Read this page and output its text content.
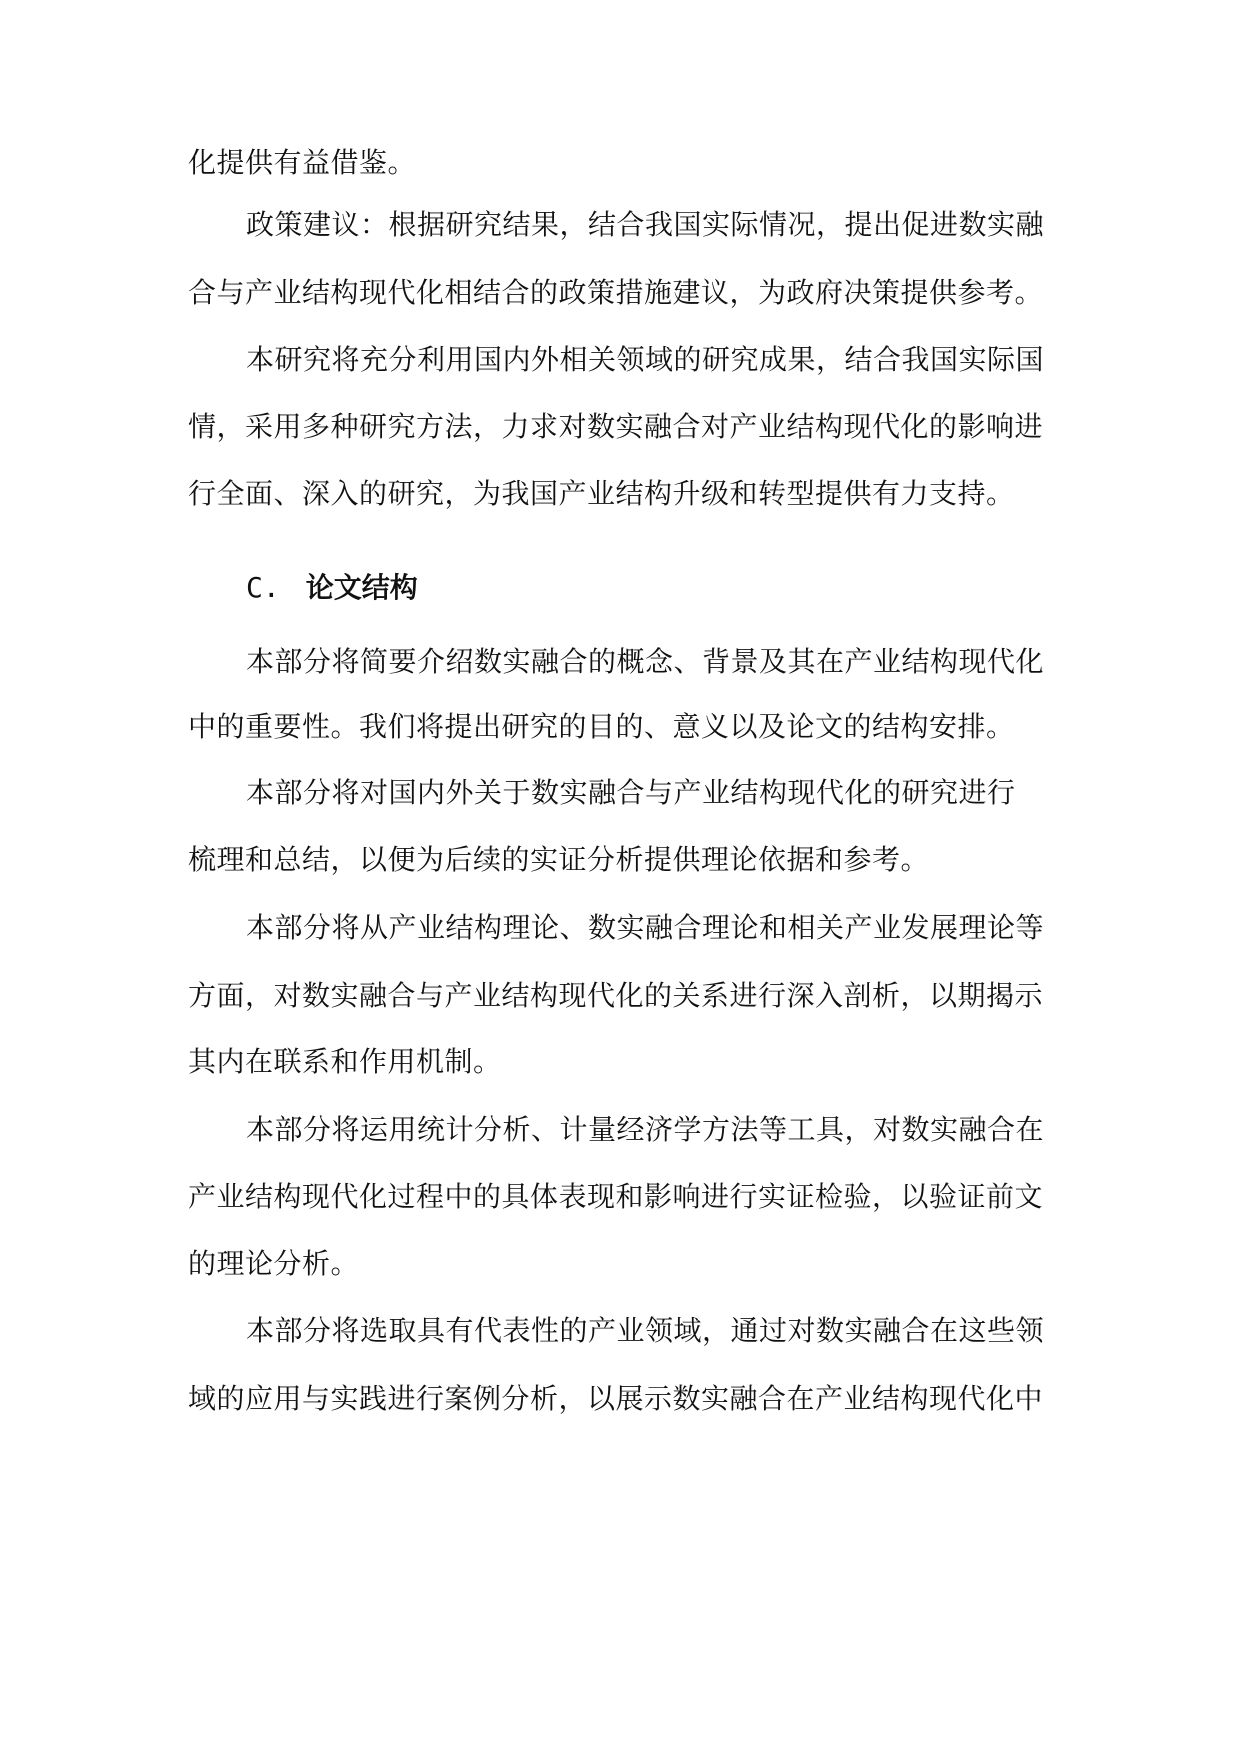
化提供有益借鉴。
政策建议：根据研究结果，结合我国实际情况，提出促进数实融
合与产业结构现代化相结合的政策措施建议，为政府决策提供参考。
本研究将充分利用国内外相关领域的研究成果，结合我国实际国
情，采用多种研究方法，力求对数实融合对产业结构现代化的影响进
行全面、深入的研究，为我国产业结构升级和转型提供有力支持。
C. 论文结构
本部分将简要介绍数实融合的概念、背景及其在产业结构现代化
中的重要性。我们将提出研究的目的、意义以及论文的结构安排。
本部分将对国内外关于数实融合与产业结构现代化的研究进行
梳理和总结，以便为后续的实证分析提供理论依据和参考。
本部分将从产业结构理论、数实融合理论和相关产业发展理论等
方面，对数实融合与产业结构现代化的关系进行深入剖析，以期揭示
其内在联系和作用机制。
本部分将运用统计分析、计量经济学方法等工具，对数实融合在
产业结构现代化过程中的具体表现和影响进行实证检验，以验证前文
的理论分析。
本部分将选取具有代表性的产业领域，通过对数实融合在这些领
域的应用与实践进行案例分析，以展示数实融合在产业结构现代化中
